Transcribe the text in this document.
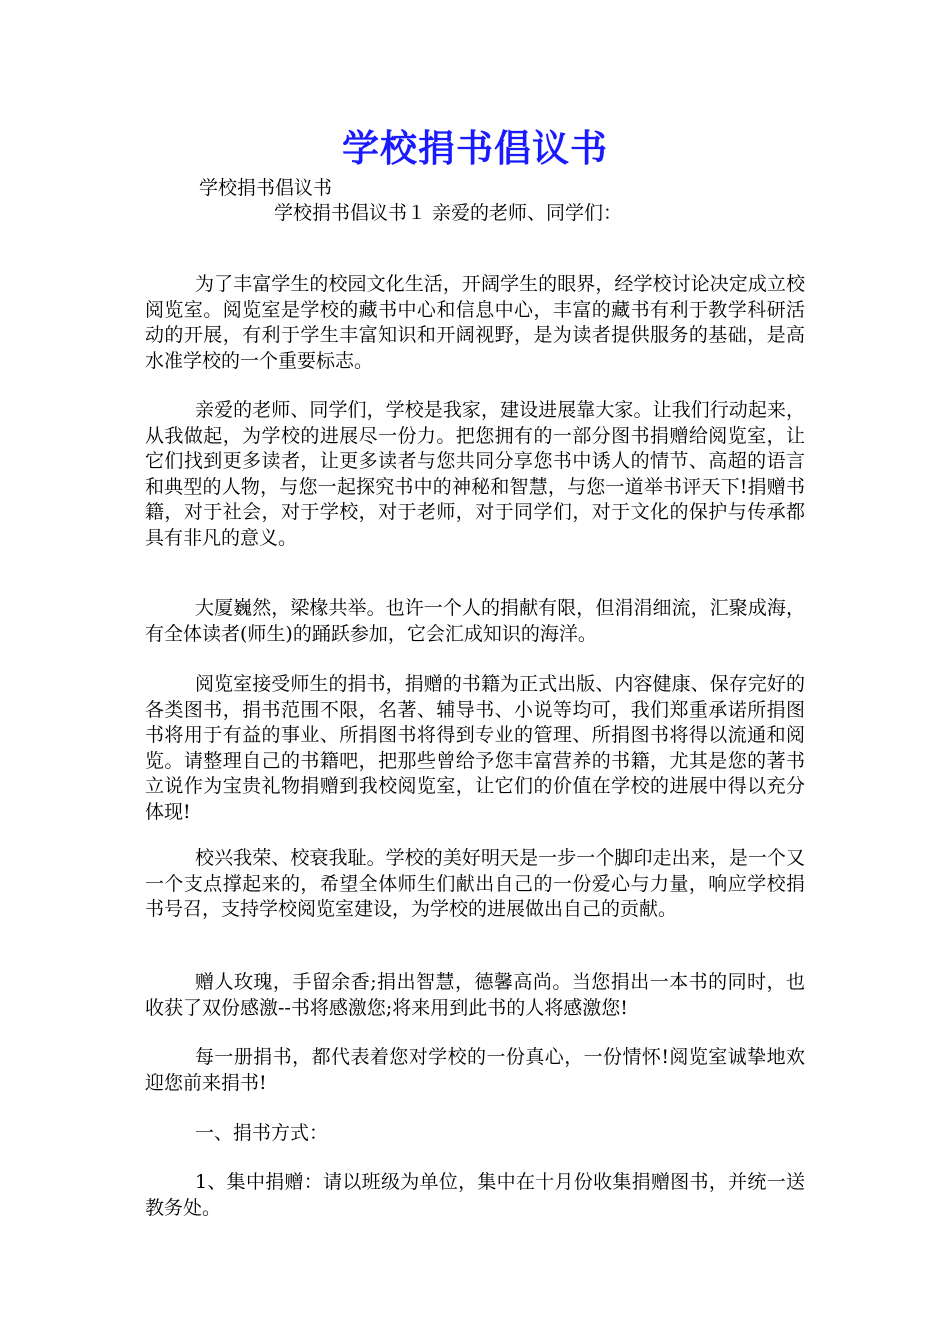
学校捐书倡议书
学校捐书倡议书
学校捐书倡议书１ 亲爱的老师、同学们：

为了丰富学生的校园文化生活，开阔学生的眼界，经学校讨论决定成立校阅览室。阅览室是学校的藏书中心和信息中心，丰富的藏书有利于教学科研活动的开展，有利于学生丰富知识和开阔视野，是为读者提供服务的基础，是高水准学校的一个重要标志。

亲爱的老师、同学们，学校是我家，建设进展靠大家。让我们行动起来，从我做起，为学校的进展尽一份力。把您拥有的一部分图书捐赠给阅览室，让它们找到更多读者，让更多读者与您共同分享您书中诱人的情节、高超的语言和典型的人物，与您一起探究书中的神秘和智慧，与您一道举书评天下!捐赠书籍，对于社会，对于学校，对于老师，对于同学们，对于文化的保护与传承都具有非凡的意义。

大厦巍然，梁椽共举。也许一个人的捐献有限，但涓涓细流，汇聚成海，有全体读者(师生)的踊跃参加，它会汇成知识的海洋。

阅览室接受师生的捐书，捐赠的书籍为正式出版、内容健康、保存完好的各类图书，捐书范围不限，名著、辅导书、小说等均可，我们郑重承诺所捐图书将用于有益的事业、所捐图书将得到专业的管理、所捐图书将得以流通和阅览。请整理自己的书籍吧，把那些曾给予您丰富营养的书籍，尤其是您的著书立说作为宝贵礼物捐赠到我校阅览室，让它们的价值在学校的进展中得以充分体现!

校兴我荣、校衰我耻。学校的美好明天是一步一个脚印走出来，是一个又一个支点撑起来的，希望全体师生们献出自己的一份爱心与力量，响应学校捐书号召，支持学校阅览室建设，为学校的进展做出自己的贡献。

赠人玫瑰，手留余香;捐出智慧，德馨高尚。当您捐出一本书的同时，也收获了双份感激--书将感激您;将来用到此书的人将感激您!

每一册捐书，都代表着您对学校的一份真心，一份情怀!阅览室诚挚地欢迎您前来捐书!

一、捐书方式：

1、集中捐赠：请以班级为单位，集中在十月份收集捐赠图书，并统一送教务处。
